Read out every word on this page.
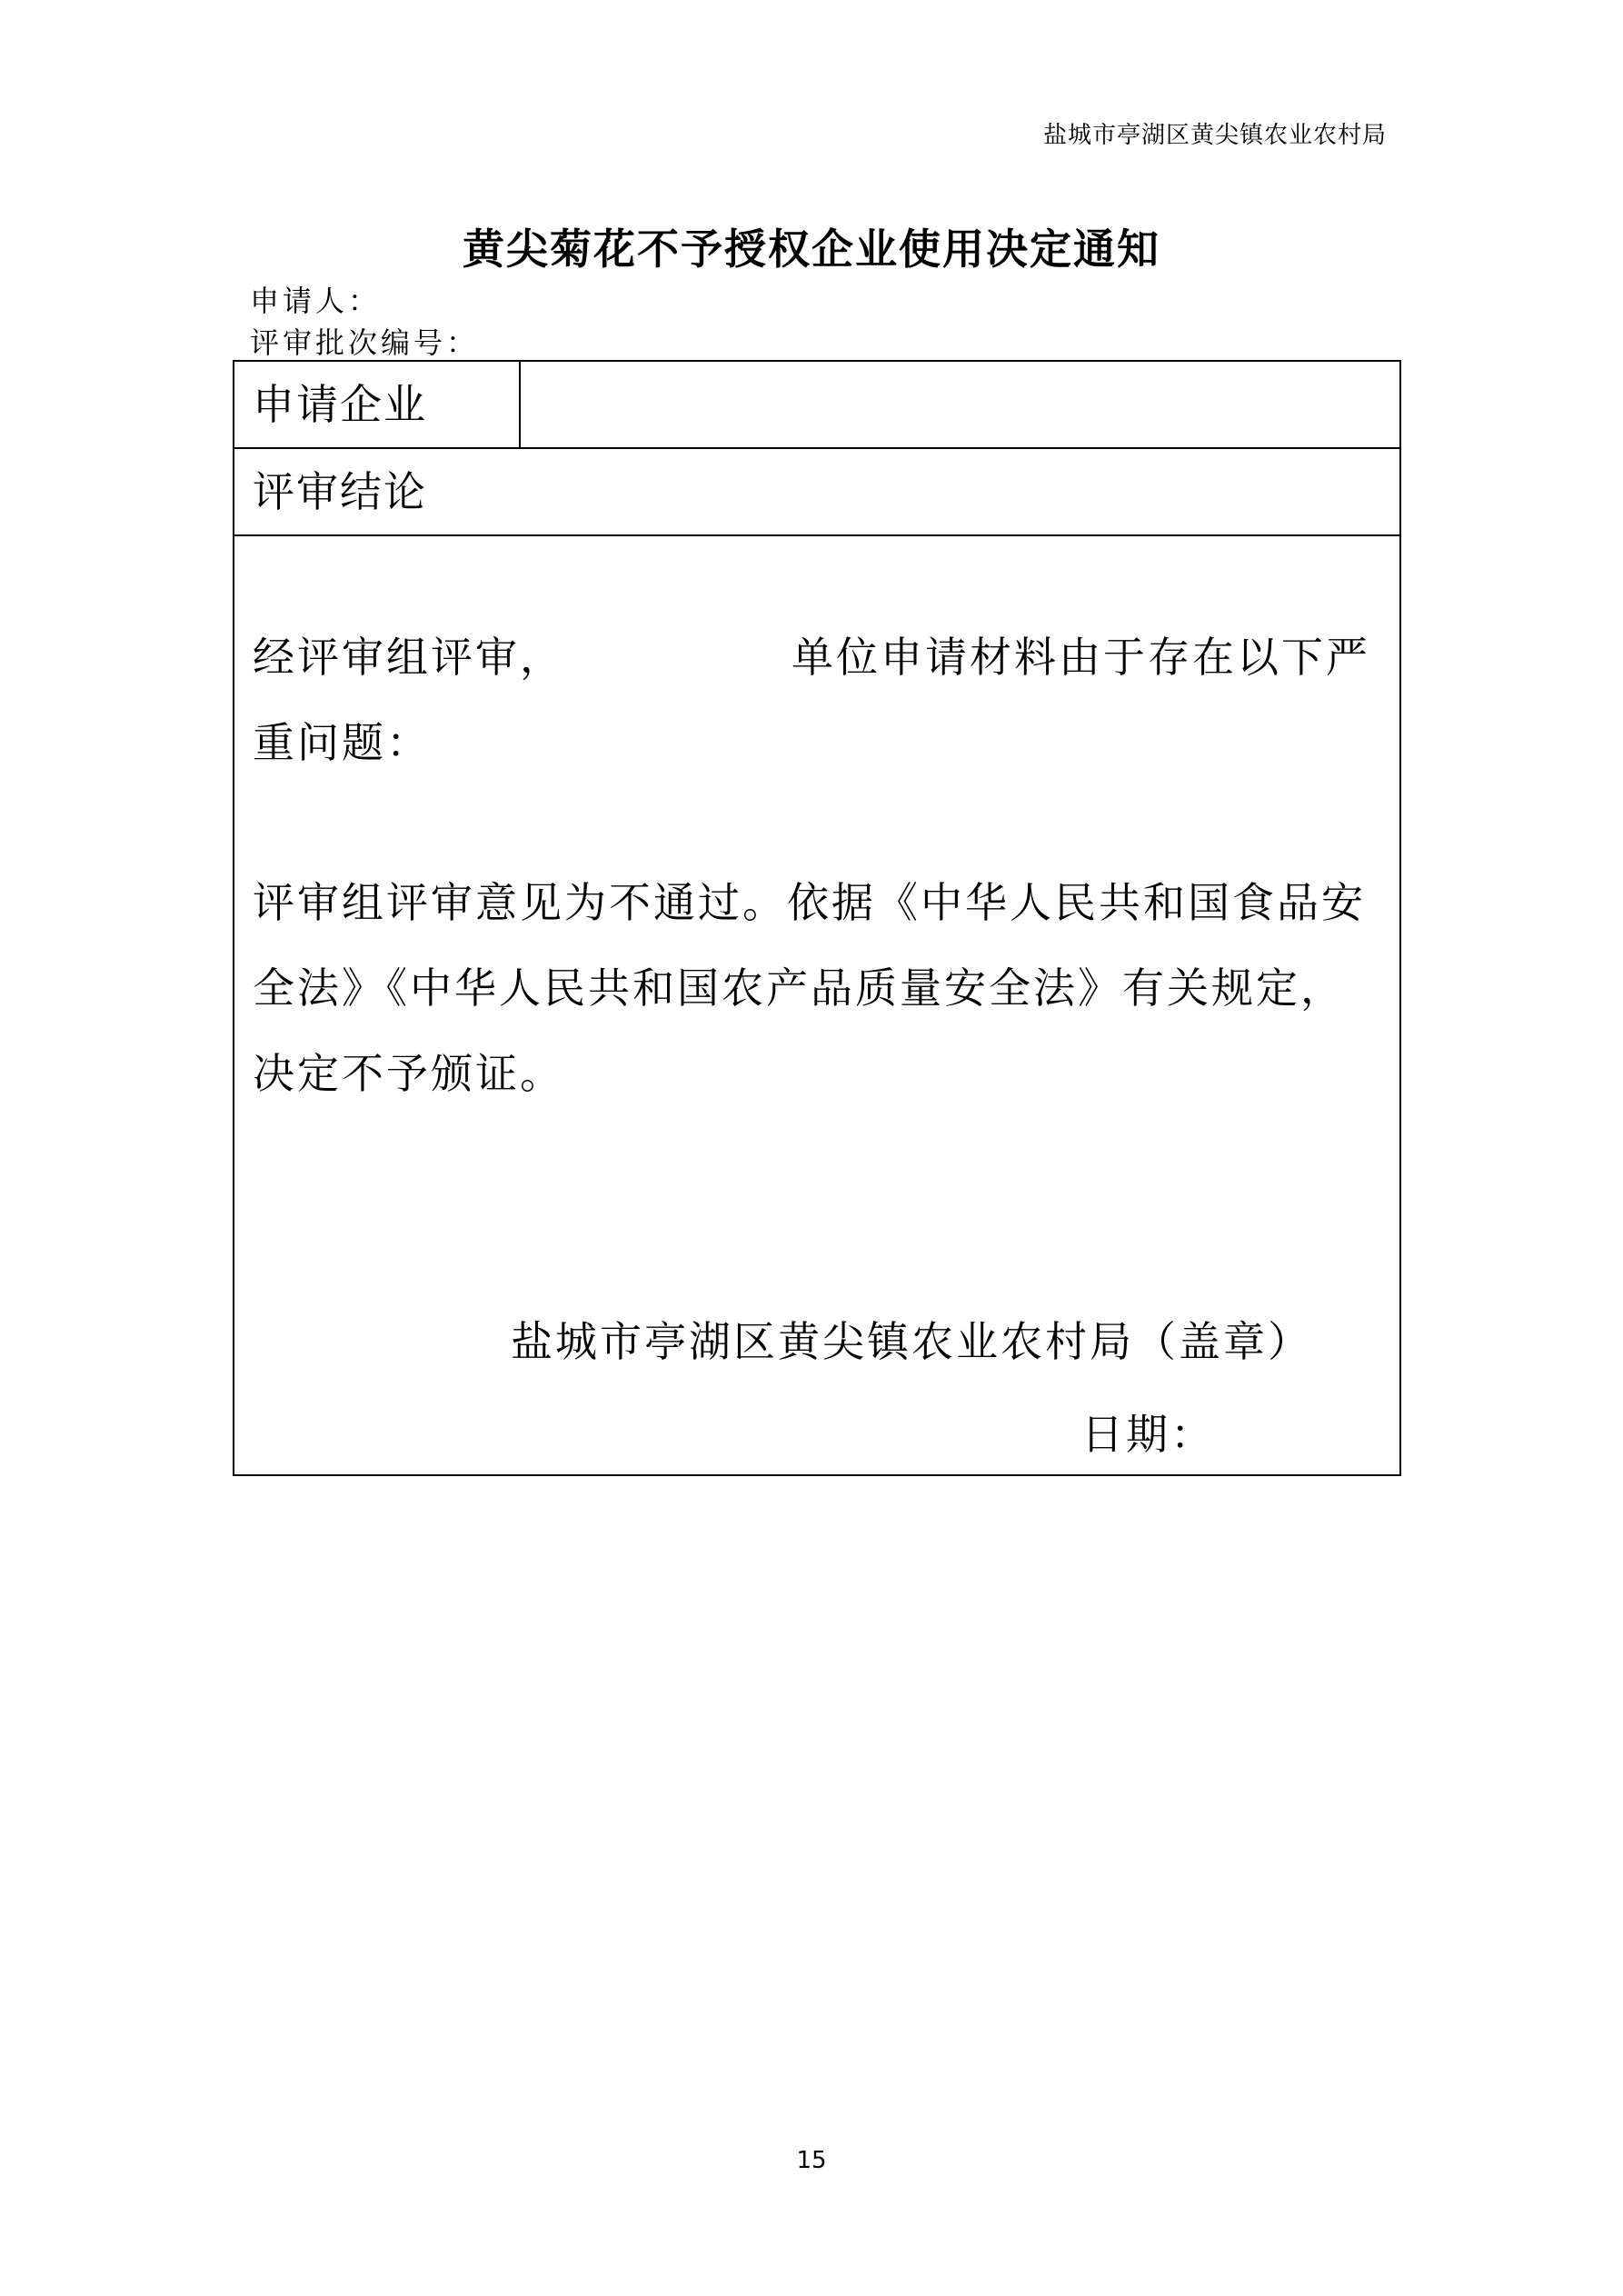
盐城市亭湖区黄尖镇农业农村局
黄尖菊花不予授权企业使用决定通知
申请人：
评审批次编号：
申请企业
评审结论
经评审组评审，	单位申请材料由于存在以下严重问题：
评审组评审意见为不通过。依据《中华人民共和国食品安全法》《中华人民共和国农产品质量安全法》有关规定，决定不予颁证。
盐城市亭湖区黄尖镇农业农村局（盖章）
日期：
15
